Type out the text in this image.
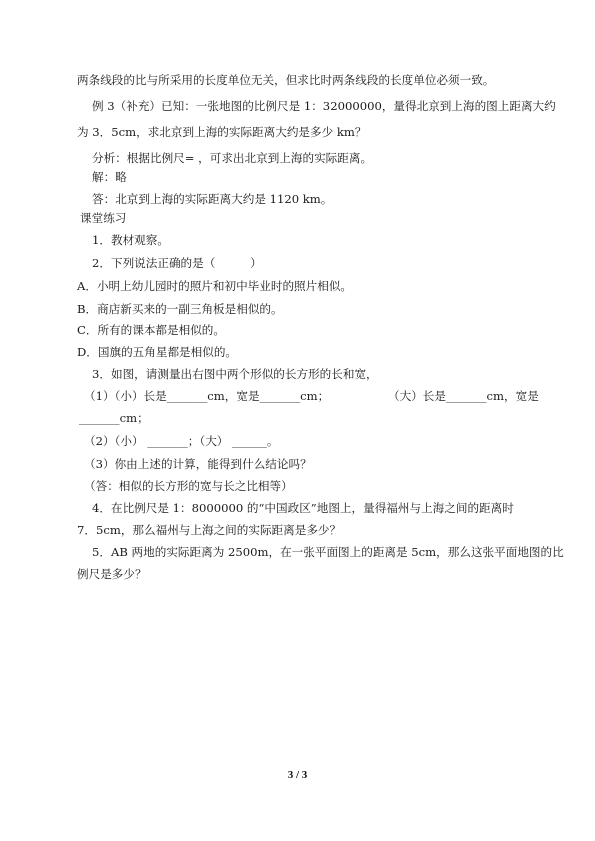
两条线段的比与所采用的长度单位无关，但求比时两条线段的长度单位必须一致。
例 3（补充）已知：一张地图的比例尺是 1：32000000，量得北京到上海的图上距离大约
为 3．5cm，求北京到上海的实际距离大约是多少 km？
分析：根据比例尺= ，可求出北京到上海的实际距离。
解：略
答：北京到上海的实际距离大约是 1120 km。
课堂练习
1．教材观察。
2．下列说法正确的是（　　　）
A．小明上幼儿园时的照片和初中毕业时的照片相似。
B．商店新买来的一副三角板是相似的。
C．所有的课本都是相似的。
D．国旗的五角星都是相似的。
3．如图，请测量出右图中两个形似的长方形的长和宽，
（1）（小）长是_______cm，宽是_______cm；	（大）长是_______cm，宽是
_______cm；
（2）（小） _______；（大） ______。
（3）你由上述的计算，能得到什么结论吗？
（答：相似的长方形的宽与长之比相等）
4．在比例尺是 1：8000000 的“中国政区”地图上，量得福州与上海之间的距离时
7．5cm，那么福州与上海之间的实际距离是多少？
5．AB 两地的实际距离为 2500m，在一张平面图上的距离是 5cm，那么这张平面地图的比
例尺是多少？
3 / 3
